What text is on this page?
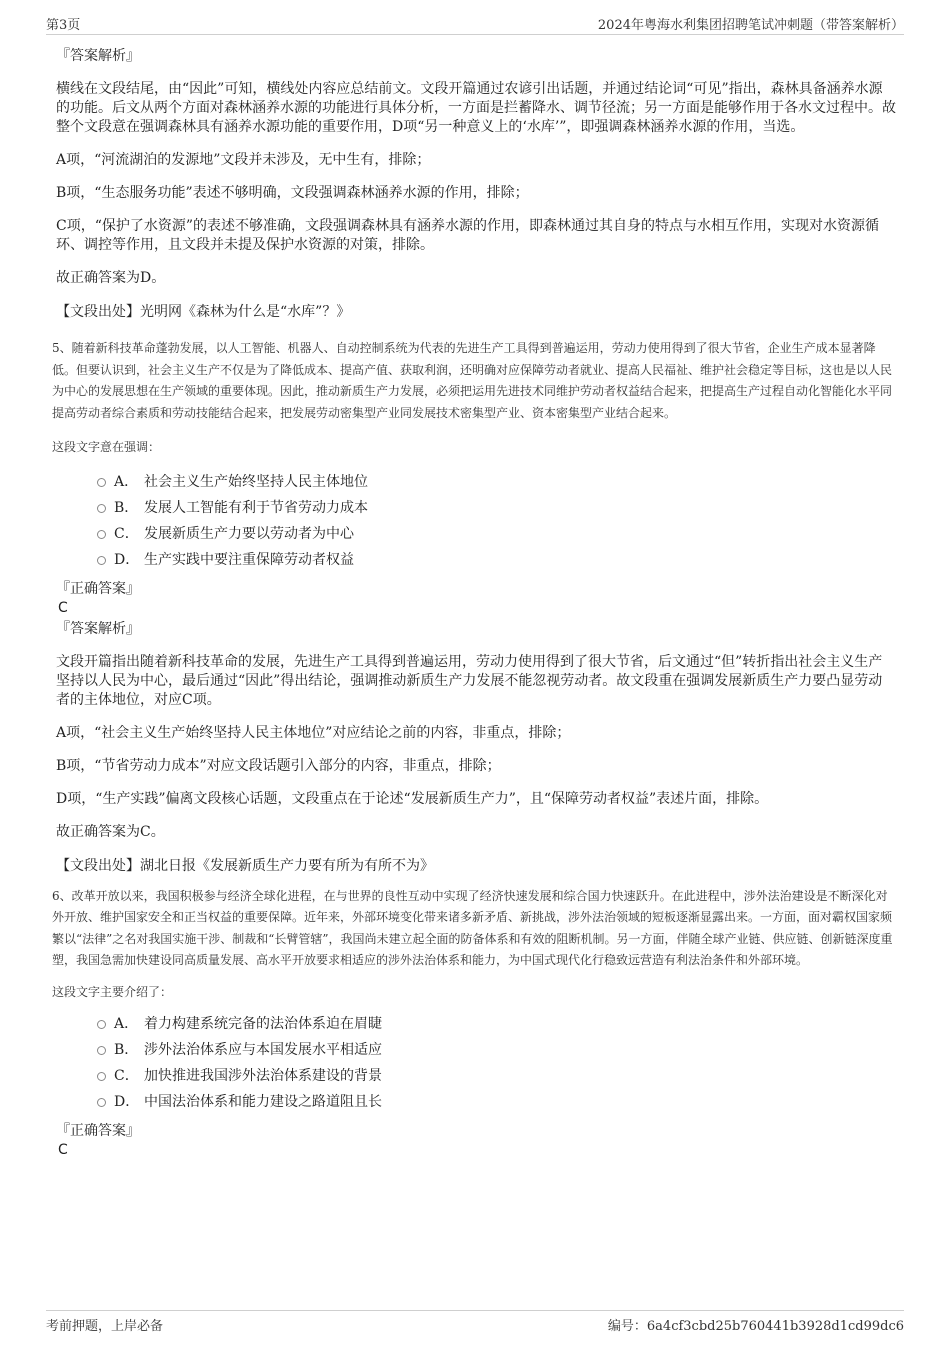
第3页	2024年粤海水利集团招聘笔试冲刺题（带答案解析）
『答案解析』

横线在文段结尾，由“因此”可知，横线处内容应总结前文。文段开篇通过农谚引出话题，并通过结论词“可见”指出，森林具备涵养水源的功能。后文从两个方面对森林涵养水源的功能进行具体分析，一方面是拦蓄降水、调节径流；另一方面是能够作用于各水文过程中。故整个文段意在强调森林具有涵养水源功能的重要作用，D项“另一种意义上的‘水库’”，即强调森林涵养水源的作用，当选。

A项，“河流湖泊的发源地”文段并未涉及，无中生有，排除；

B项，“生态服务功能”表述不够明确，文段强调森林涵养水源的作用，排除；

C项，“保护了水资源”的表述不够准确，文段强调森林具有涵养水源的作用，即森林通过其自身的特点与水相互作用，实现对水资源循环、调控等作用，且文段并未提及保护水资源的对策，排除。

故正确答案为D。

【文段出处】光明网《森林为什么是“水库”？》

5、随着新科技革命蓬勃发展，以人工智能、机器人、自动控制系统为代表的先进生产工具得到普遍运用，劳动力使用得到了很大节省，企业生产成本显著降低。但要认识到，社会主义生产不仅是为了降低成本、提高产值、获取利润，还明确对应保障劳动者就业、提高人民福祉、维护社会稳定等目标，这也是以人民为中心的发展思想在生产领域的重要体现。因此，推动新质生产力发展，必须把运用先进技术同维护劳动者权益结合起来，把提高生产过程自动化智能化水平同提高劳动者综合素质和劳动技能结合起来，把发展劳动密集型产业同发展技术密集型产业、资本密集型产业结合起来。

这段文字意在强调：

A． 社会主义生产始终坚持人民主体地位
B． 发展人工智能有利于节省劳动力成本
C． 发展新质生产力要以劳动者为中心
D． 生产实践中要注重保障劳动者权益
『正确答案』
C
『答案解析』

文段开篇指出随着新科技革命的发展，先进生产工具得到普遍运用，劳动力使用得到了很大节省，后文通过“但”转折指出社会主义生产坚持以人民为中心，最后通过“因此”得出结论，强调推动新质生产力发展不能忽视劳动者。故文段重在强调发展新质生产力要凸显劳动者的主体地位，对应C项。

A项，“社会主义生产始终坚持人民主体地位”对应结论之前的内容，非重点，排除；

B项，“节省劳动力成本”对应文段话题引入部分的内容，非重点，排除；

D项，“生产实践”偏离文段核心话题，文段重点在于论述“发展新质生产力”，且“保障劳动者权益”表述片面，排除。

故正确答案为C。

【文段出处】湖北日报《发展新质生产力要有所为有所不为》

6、改革开放以来，我国积极参与经济全球化进程，在与世界的良性互动中实现了经济快速发展和综合国力快速跃升。在此进程中，涉外法治建设是不断深化对外开放、维护国家安全和正当权益的重要保障。近年来，外部环境变化带来诸多新矛盾、新挑战，涉外法治领域的短板逐渐显露出来。一方面，面对霸权国家频繁以“法律”之名对我国实施干涉、制裁和“长臂管辖”，我国尚未建立起全面的防备体系和有效的阻断机制。另一方面，伴随全球产业链、供应链、创新链深度重塑，我国急需加快建设同高质量发展、高水平开放要求相适应的涉外法治体系和能力，为中国式现代化行稳致远营造有利法治条件和外部环境。

这段文字主要介绍了：

A． 着力构建系统完备的法治体系迫在眉睫
B． 涉外法治体系应与本国发展水平相适应
C． 加快推进我国涉外法治体系建设的背景
D． 中国法治体系和能力建设之路道阻且长
『正确答案』
C
考前押题，上岸必备	编号：6a4cf3cbd25b760441b3928d1cd99dc6
